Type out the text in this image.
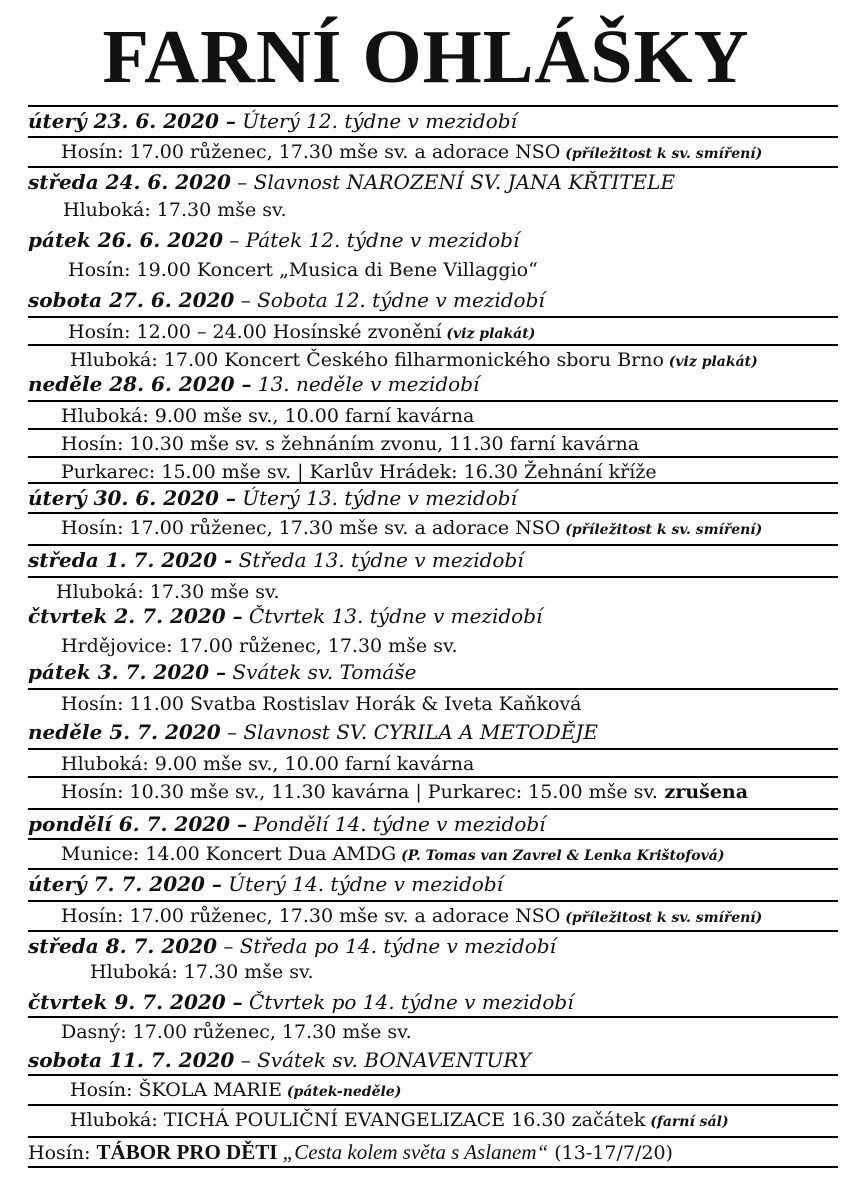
FARNÍ OHLÁŠKY
úterý 23. 6. 2020 – Úterý 12. týdne v mezidobí
Hosín: 17.00 růženec, 17.30 mše sv. a adorace NSO (příležitost k sv. smíření)
středa 24. 6. 2020 – Slavnost NAROZENÍ SV. JANA KŘTITELE
Hluboká: 17.30 mše sv.
pátek 26. 6. 2020 – Pátek 12. týdne v mezidobí
Hosín: 19.00 Koncert „Musica di Bene Villaggio“
sobota 27. 6. 2020 – Sobota 12. týdne v mezidobí
Hosín: 12.00 – 24.00 Hosínské zvonění (viz plakát)
Hluboká: 17.00 Koncert Českého filharmonického sboru Brno (viz plakát)
neděle 28. 6. 2020 – 13. neděle v mezidobí
Hluboká: 9.00 mše sv., 10.00 farní kavárna
Hosín: 10.30 mše sv. s žehnáním zvonu, 11.30 farní kavárna
Purkarec: 15.00 mše sv. | Karlův Hrádek: 16.30 Žehnání kříže
úterý 30. 6. 2020 – Úterý 13. týdne v mezidobí
Hosín: 17.00 růženec, 17.30 mše sv. a adorace NSO (příležitost k sv. smíření)
středa 1. 7. 2020 - Středa 13. týdne v mezidobí
Hluboká: 17.30 mše sv.
čtvrtek 2. 7. 2020 – Čtvrtek 13. týdne v mezidobí
Hrdějovice: 17.00 růženec, 17.30 mše sv.
pátek 3. 7. 2020 – Svátek sv. Tomáše
Hosín: 11.00 Svatba Rostislav Horák & Iveta Kaňková
neděle 5. 7. 2020 – Slavnost SV. CYRILA A METODĚJE
Hluboká: 9.00 mše sv., 10.00 farní kavárna
Hosín: 10.30 mše sv., 11.30 kavárna | Purkarec: 15.00 mše sv. zrušena
pondělí 6. 7. 2020 – Pondělí 14. týdne v mezidobí
Munice: 14.00 Koncert Dua AMDG (P. Tomas van Zavrel & Lenka Krištofová)
úterý 7. 7. 2020 – Úterý 14. týdne v mezidobí
Hosín: 17.00 růženec, 17.30 mše sv. a adorace NSO (příležitost k sv. smíření)
středa 8. 7. 2020 – Středa po 14. týdne v mezidobí
Hluboká: 17.30 mše sv.
čtvrtek 9. 7. 2020 – Čtvrtek po 14. týdne v mezidobí
Dasný: 17.00 růženec, 17.30 mše sv.
sobota 11. 7. 2020 – Svátek sv. BONAVENTURY
Hosín: ŠKOLA MARIE (pátek-neděle)
Hluboká: TICHÁ POULIČNÍ EVANGELIZACE 16.30 začátek (farní sál)
Hosín: TÁBOR PRO DĚTI „Cesta kolem světa s Aslanem“ (13-17/7/20)
